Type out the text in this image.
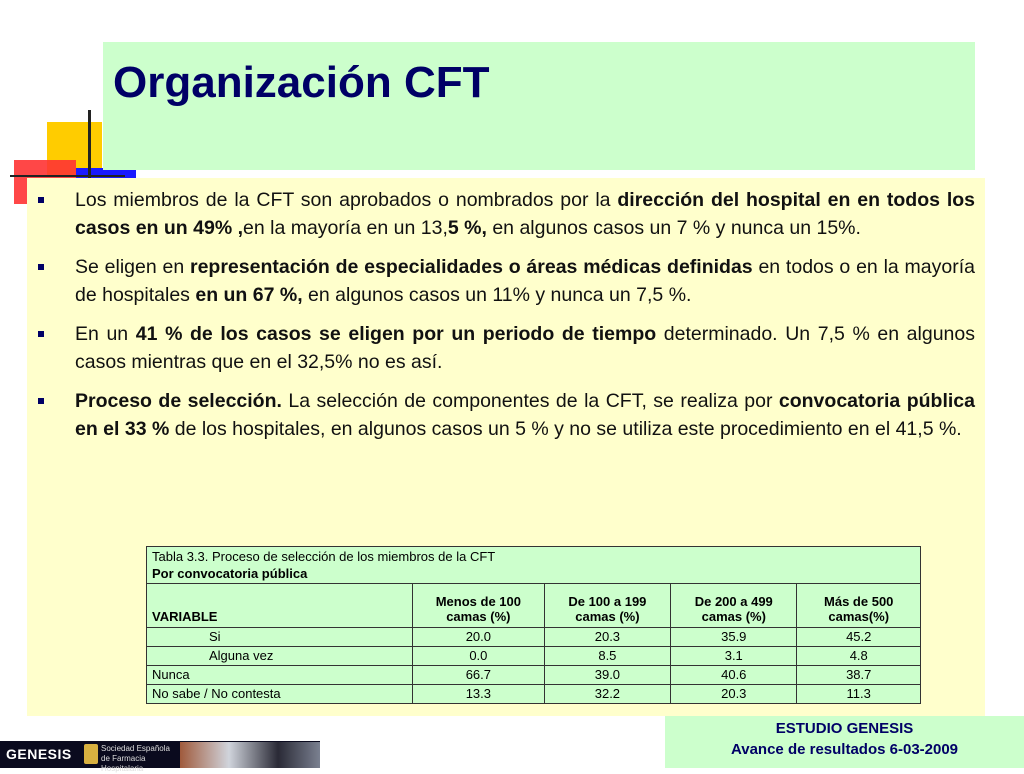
Organización CFT
Los miembros de la CFT son aprobados o nombrados por la dirección del hospital en en todos los casos en un 49% ,en la mayoría en un 13,5 %, en algunos casos un 7 % y nunca un 15%.
Se eligen en representación de especialidades o áreas médicas definidas en todos o en la mayoría de hospitales en un 67 %, en algunos casos un 11% y nunca un 7,5 %.
En un 41 % de los casos se eligen por un periodo de tiempo determinado. Un 7,5 % en algunos casos mientras que en el 32,5% no es así.
Proceso de selección. La selección de componentes de la CFT, se realiza por convocatoria pública en el 33 % de los hospitales, en algunos casos un 5 % y no se utiliza este procedimiento en el 41,5 %.
Tabla 3.3. Proceso de selección de los miembros de la CFT
Por convocatoria pública				

VARIABLE	Menos de 100 camas (%)	De 100 a 199 camas (%)	De 200 a 499 camas (%)	Más de 500 camas(%)
Si	20.0	20.3	35.9	45.2
Alguna vez	0.0	8.5	3.1	4.8
Nunca	66.7	39.0	40.6	38.7
No sabe / No contesta	13.3	32.2	20.3	11.3
ESTUDIO GENESIS
Avance de resultados 6-03-2009
GENESIS	Sociedad Española de Farmacia Hospitalaria
